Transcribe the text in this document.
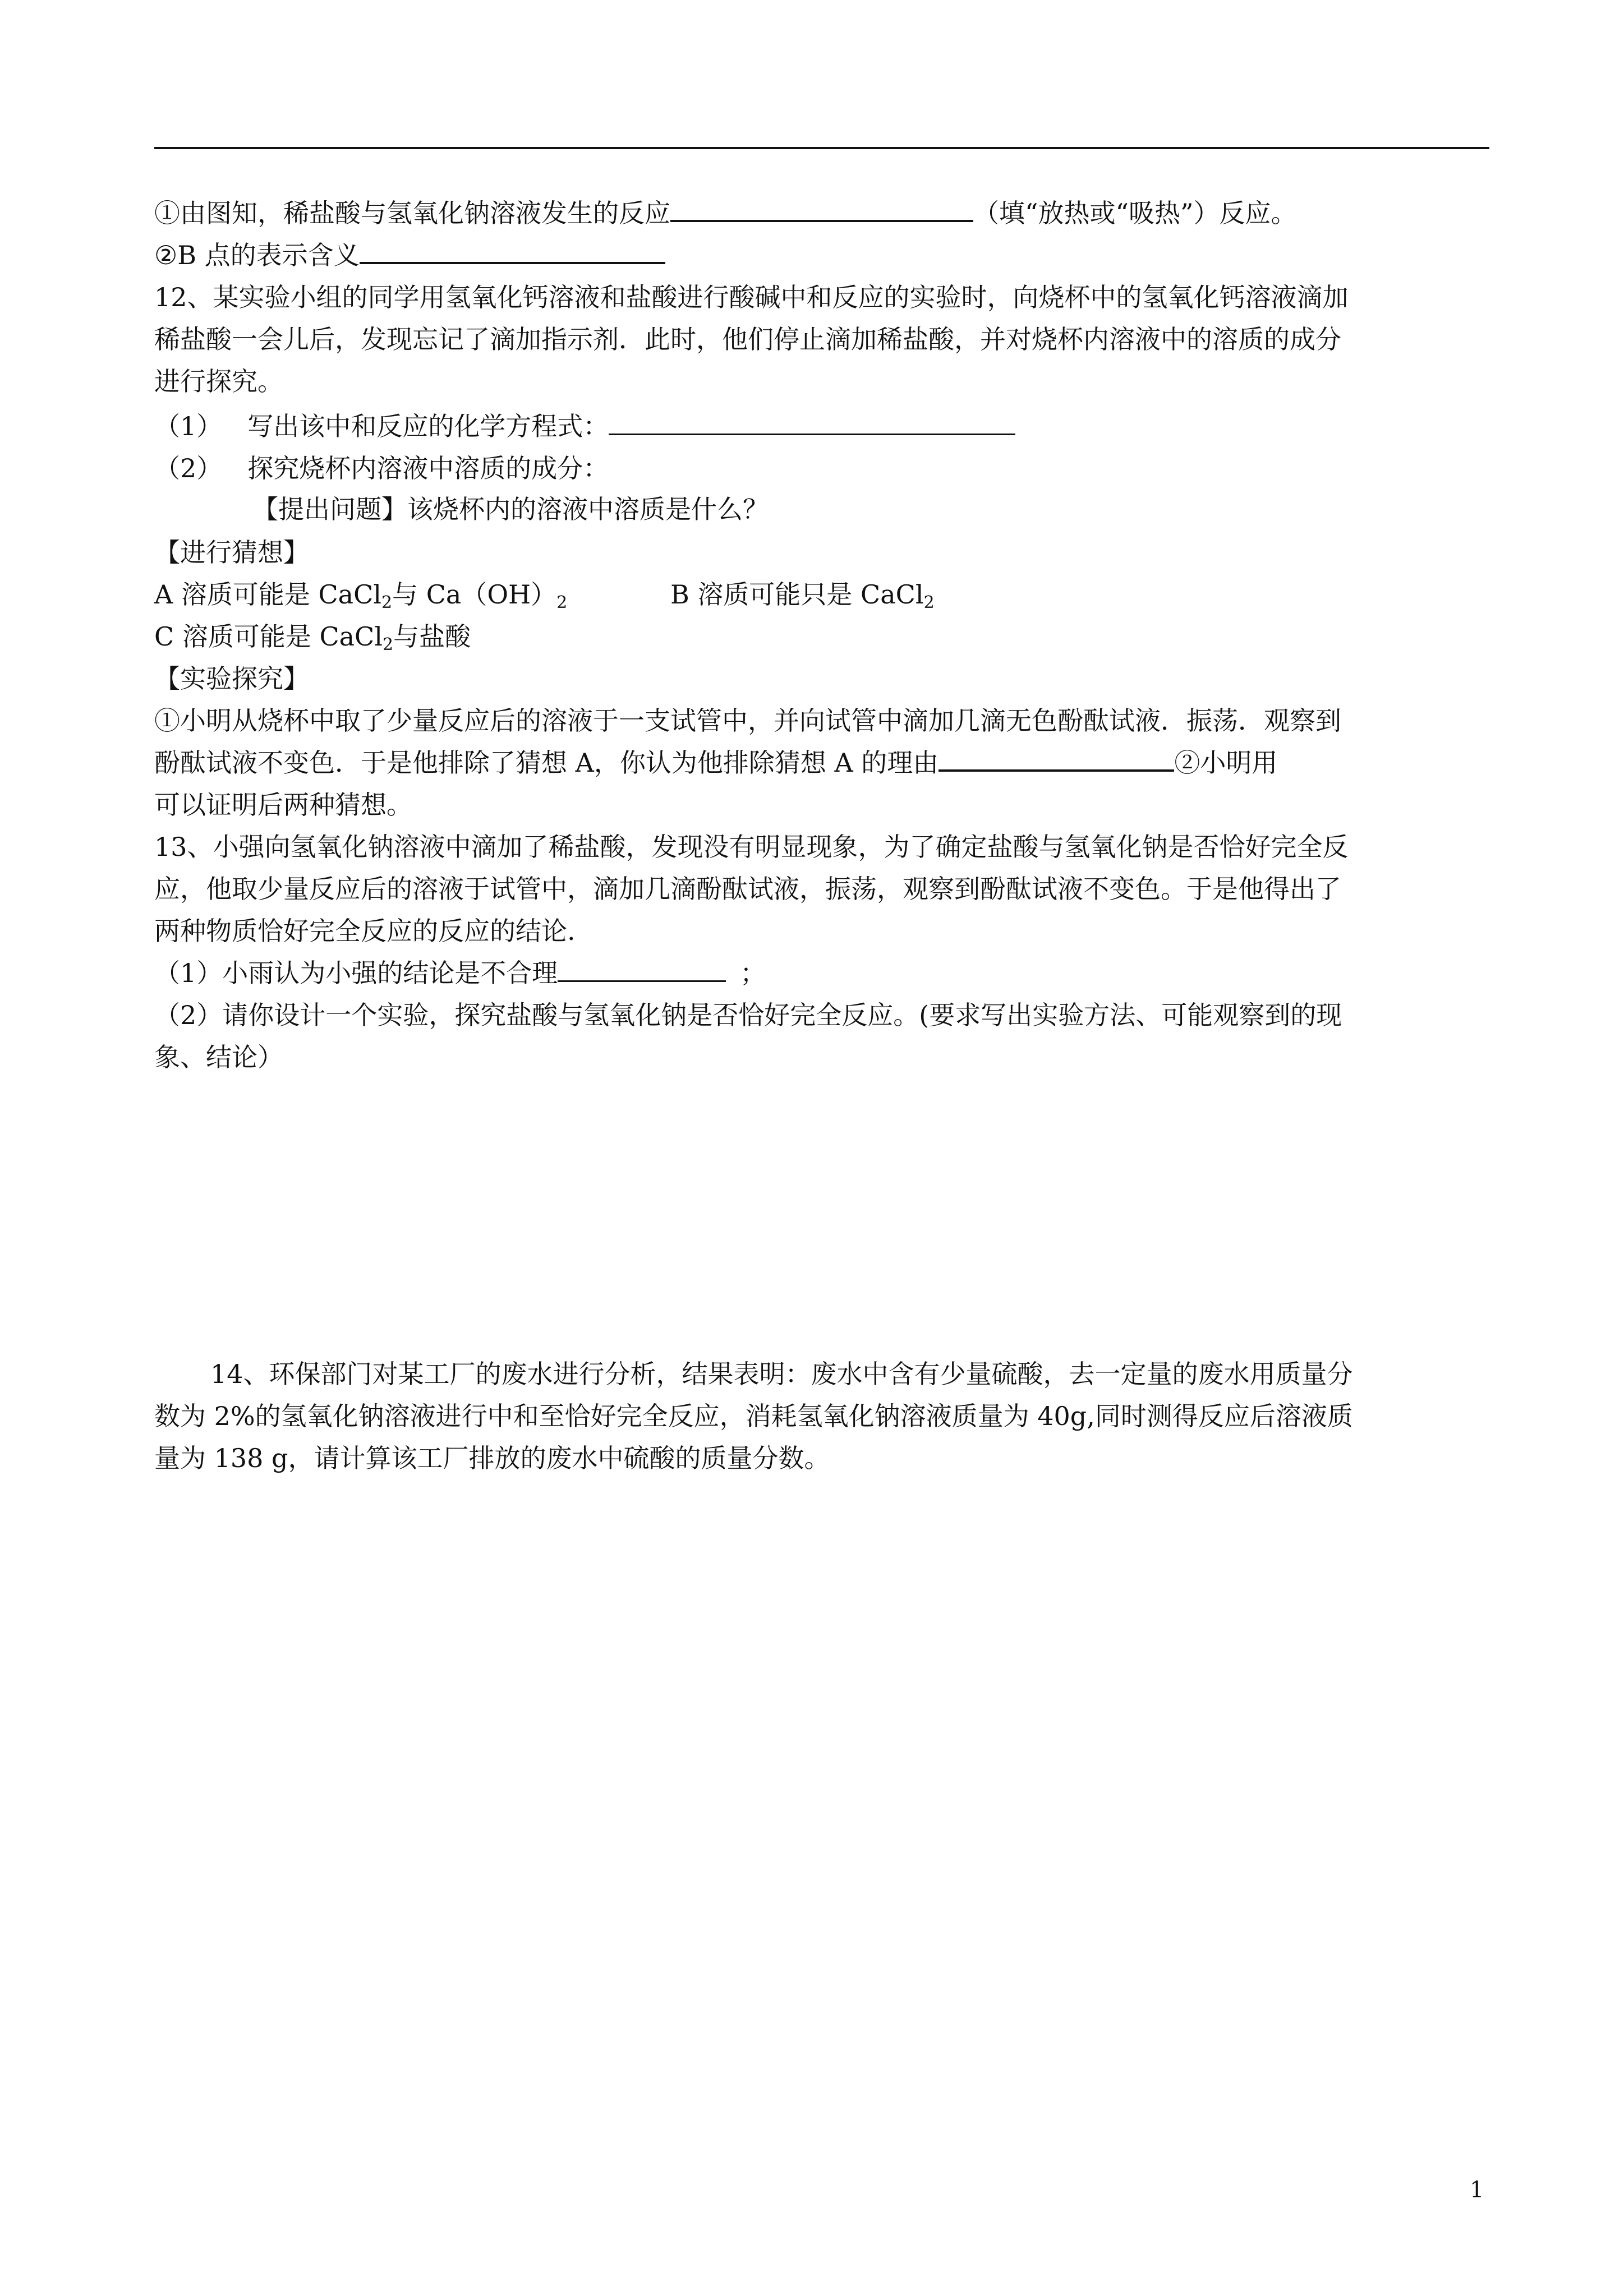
①由图知，稀盐酸与氢氧化钠溶液发生的反应	（填“放热或“吸热”）反应。
②B 点的表示含义
12、某实验小组的同学用氢氧化钙溶液和盐酸进行酸碱中和反应的实验时，向烧杯中的氢氧化钙溶液滴加
稀盐酸一会儿后，发现忘记了滴加指示剂．此时，他们停止滴加稀盐酸，并对烧杯内溶液中的溶质的成分
进行探究。
（1） 写出该中和反应的化学方程式：
（2） 探究烧杯内溶液中溶质的成分：
【提出问题】该烧杯内的溶液中溶质是什么？
【进行猜想】
A 溶质可能是 CaCl$_2$与 $Ca(OH)_2$	B 溶质可能只是 CaCl$_2$
C 溶质可能是 CaCl$_2$与盐酸
【实验探究】
①小明从烧杯中取了少量反应后的溶液于一支试管中，并向试管中滴加几滴无色酚酞试液．振荡．观察到
酚酞试液不变色．于是他排除了猜想 A，你认为他排除猜想 A 的理由	②小明用
可以证明后两种猜想。
13、小强向氢氧化钠溶液中滴加了稀盐酸，发现没有明显现象，为了确定盐酸与氢氧化钠是否恰好完全反
应，他取少量反应后的溶液于试管中，滴加几滴酚酞试液，振荡，观察到酚酞试液不变色。于是他得出了
两种物质恰好完全反应的反应的结论.
（1）小雨认为小强的结论是不合理	；
（2）请你设计一个实验，探究盐酸与氢氧化钠是否恰好完全反应。(要求写出实验方法、可能观察到的现
象、结论）
14、环保部门对某工厂的废水进行分析，结果表明：废水中含有少量硫酸，去一定量的废水用质量分
数为 2%的氢氧化钠溶液进行中和至恰好完全反应，消耗氢氧化钠溶液质量为 40g,同时测得反应后溶液质
量为 138 g，请计算该工厂排放的废水中硫酸的质量分数。
1
